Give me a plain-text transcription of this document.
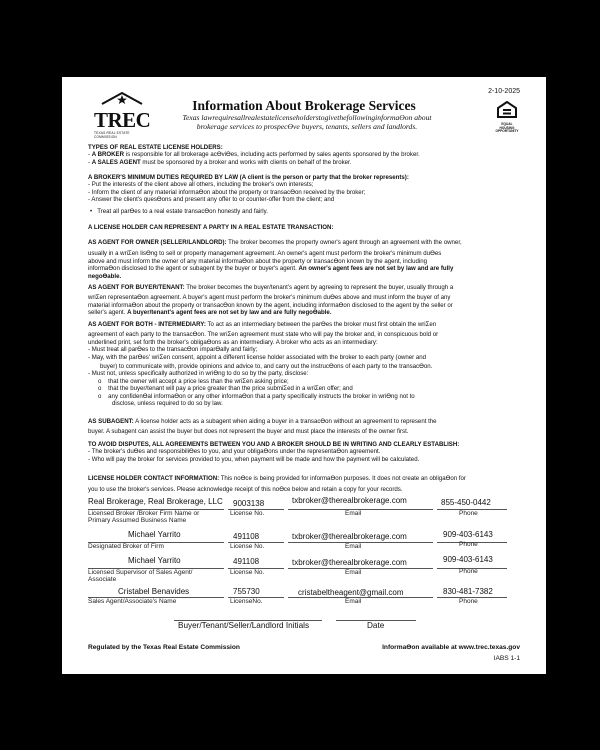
TREC
TEXAS REAL ESTATE COMMISSION
2-10-2025
EQUAL HOUSING OPPORTUNITY
Information About Brokerage Services
Texas lawrequiresallrealestatelicenseholderstogivethefollowinginformaƟon about
brokerage services to prospecƟve buyers, tenants, sellers and landlords.
TYPES OF REAL ESTATE LICENSE HOLDERS:
- A BROKER is responsible for all brokerage acƟviƟes, including acts performed by sales agents sponsored by the broker.
- A SALES AGENT must be sponsored by a broker and works with clients on behalf of the broker.
A BROKER'S MINIMUM DUTIES REQUIRED BY LAW (A client is the person or party that the broker represents):
- Put the interests of the client above all others, including the broker's own interests;
- Inform the client of any material informaƟon about the property or transacƟon received by the broker;
- Answer the client's quesƟons and present any offer to or counter-offer from the client; and
•   Treat all parƟes to a real estate transacƟon honestly and fairly.
A LICENSE HOLDER CAN REPRESENT A PARTY IN A REAL ESTATE TRANSACTION:
AS AGENT FOR OWNER (SELLER/LANDLORD): The broker becomes the property owner's agent through an agreement with the owner,
usually in a wriƩen lisƟng to sell or property management agreement. An owner's agent must perform the broker's minimum duƟes
above and must inform the owner of any material informaƟon about the property or transacƟon known by the agent, including
informaƟon disclosed to the agent or subagent by the buyer or buyer's agent. An owner's agent fees are not set by law and are fully
negoƟable.
AS AGENT FOR BUYER/TENANT: The broker becomes the buyer/tenant's agent by agreeing to represent the buyer, usually through a
wriƩen representaƟon agreement. A buyer's agent must perform the broker's minimum duƟes above and must inform the buyer of any
material informaƟon about the property or transacƟon known by the agent, including informaƟon disclosed to the agent by the seller or
seller's agent. A buyer/tenant's agent fees are not set by law and are fully negoƟable.
AS AGENT FOR BOTH - INTERMEDIARY: To act as an intermediary between the parƟes the broker must first obtain the wriƩen
agreement of each party to the transacƟon. The wriƩen agreement must state who will pay the broker and, in conspicuous bold or
underlined print, set forth the broker's obligaƟons as an intermediary. A broker who acts as an intermediary:
- Must treat all parƟes to the transacƟon imparƟally and fairly;
- May, with the parƟes' wriƩen consent, appoint a different license holder associated with the broker to each party (owner and
buyer) to communicate with, provide opinions and advice to, and carry out the instrucƟons of each party to the transacƟon.
- Must not, unless specifically authorized in wriƟng to do so by the party, disclose:
o that the owner will accept a price less than the wriƩen asking price;
o that the buyer/tenant will pay a price greater than the price submiƩed in a wriƩen offer; and
o any confidenƟal informaƟon or any other informaƟon that a party specifically instructs the broker in wriƟng not to
disclose, unless required to do so by law.
AS SUBAGENT: A license holder acts as a subagent when aiding a buyer in a transacƟon without an agreement to represent the
buyer. A subagent can assist the buyer but does not represent the buyer and must place the interests of the owner first.
TO AVOID DISPUTES, ALL AGREEMENTS BETWEEN YOU AND A BROKER SHOULD BE IN WRITING AND CLEARLY ESTABLISH:
- The broker's duƟes and responsibiliƟes to you, and your obligaƟons under the representaƟon agreement.
- Who will pay the broker for services provided to you, when payment will be made and how the payment will be calculated.
LICENSE HOLDER CONTACT INFORMATION: This noƟce is being provided for informaƟon purposes. It does not create an obligaƟon for
you to use the broker's services. Please acknowledge receipt of this noƟce below and retain a copy for your records.
Real Brokerage, Real Brokerage, LLC 9003138	txbroker@therealbrokerage.com	855-450-0442
Licensed Broker /Broker Firm Name or Primary Assumed Business Name
License No.	Email	Phone
Michael Yarrito	491108	txbroker@therealbrokerage.com	909-403-6143
Designated Broker of Firm	License No.	Email	Phone
Michael Yarrito	491108	txbroker@therealbrokerage.com	909-403-6143
Licensed Supervisor of Sales Agent/ Associate
License No.	Email	Phone
Cristabel Benavides	755730	cristabeltheagent@gmail.com	830-481-7382
Sales Agent/Associate's Name	LicenseNo.	Email	Phone
Buyer/Tenant/Seller/Landlord Initials	Date
Regulated by the Texas Real Estate Commission	InformaƟon available at www.trec.texas.gov
IABS 1-1
